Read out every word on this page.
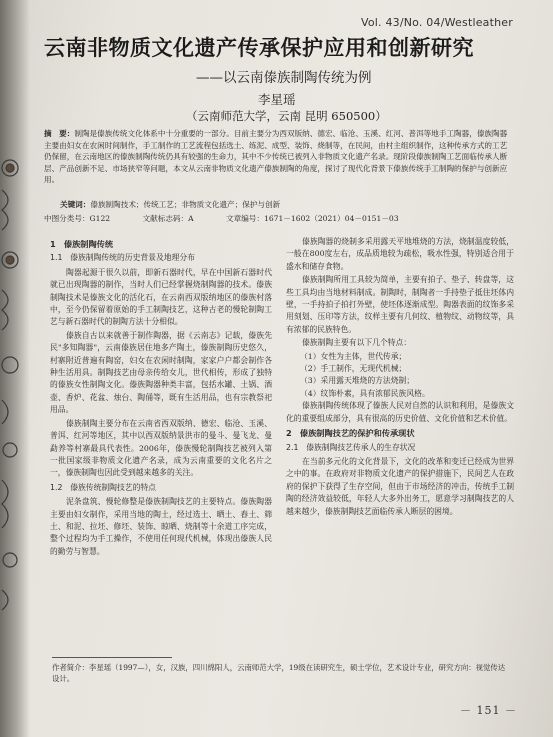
Vol. 43/No. 04/Westleather
云南非物质文化遗产传承保护应用和创新研究
——以云南傣族制陶传统为例
李星瑶
（云南师范大学，云南 昆明 650500）
摘　要：制陶是傣族传统文化体系中十分重要的一部分。目前主要分为西双版纳、德宏、临沧、玉溪、红河、普洱等地手工陶器，傣族陶器主要由妇女在农闲时间制作，手工制作的工艺流程包括选土、练泥、成型、装饰、烧制等，在民间，由村主组织制作，这种传承方式的工艺仍保留，在云南地区的傣族制陶传统仍具有较强的生命力，其中不少传统已被列入非物质文化遗产名录。现阶段傣族制陶工艺面临传承人断层、产品创新不足、市场狭窄等问题，本文从云南非物质文化遗产傣族制陶的角度，探讨了现代化背景下傣族传统手工制陶的保护与创新应用。
关键词：傣族制陶技术；传统工艺；非物质文化遗产；保护与创新
中图分类号：G122	文献标志码：A	文章编号：1671－1602（2021）04－0151－03
1　傣族制陶传统
1.1　傣族制陶传统的历史背景及地理分布

陶器起源于很久以前，即新石器时代，早在中国新石器时代就已出现陶器的制作，当时人们已经掌握烧制陶器的技术。傣族制陶技术是傣族文化的活化石，在云南西双版纳地区的傣族村落中，至今仍保留着原始的手工制陶技艺，这种古老的慢轮制陶工艺与新石器时代的制陶方法十分相似。

傣族自古以来就善于制作陶器，据《云南志》记载，傣族先民"多知陶器"，云南傣族居住地多产陶土，傣族制陶历史悠久，村寨附近普遍有陶窑，妇女在农闲时制陶，家家户户都会制作各种生活用具。制陶技艺由母亲传给女儿，世代相传，形成了独特的傣族女性制陶文化。傣族陶器种类丰富，包括水罐、土锅、酒壶、香炉、花盆、烛台、陶俑等，既有生活用品，也有宗教祭祀用品。

傣族制陶主要分布在云南省西双版纳、德宏、临沧、玉溪、普洱、红河等地区，其中以西双版纳景洪市的曼斗、曼飞龙、曼勐养等村寨最具代表性。2006年，傣族慢轮制陶技艺被列入第一批国家级非物质文化遗产名录，成为云南重要的文化名片之一，傣族制陶也因此受到越来越多的关注。

1.2　傣族传统制陶技艺的特点

泥条盘筑、慢轮修整是傣族制陶技艺的主要特点。傣族陶器主要由妇女制作，采用当地的陶土，经过选土、晒土、舂土、筛土、和泥、拉坯、修坯、装饰、晾晒、烧制等十余道工序完成，整个过程均为手工操作，不使用任何现代机械，体现出傣族人民的勤劳与智慧。

傣族陶器的烧制多采用露天平地堆烧的方法，烧制温度较低，一般在800度左右，成品质地较为疏松，吸水性强，特别适合用于盛水和储存食物。

傣族制陶所用工具较为简单，主要有拍子、垫子、转盘等，这些工具均由当地材料制成。制陶时，制陶者一手持垫子抵住坯体内壁，一手持拍子拍打外壁，使坯体逐渐成型。陶器表面的纹饰多采用刻划、压印等方法，纹样主要有几何纹、植物纹、动物纹等，具有浓郁的民族特色。

傣族制陶主要有以下几个特点：

（1）女性为主体，世代传承；

（2）手工制作，无现代机械；

（3）采用露天堆烧的方法烧制；

（4）纹饰朴素，具有浓郁民族风格。

傣族制陶传统体现了傣族人民对自然的认识和利用，是傣族文化的重要组成部分，具有很高的历史价值、文化价值和艺术价值。

2　傣族制陶技艺的保护和传承现状
2.1　傣族制陶技艺传承人的生存状况

在当前多元化的文化背景下，文化的改革和变迁已经成为世界之中的事。在政府对非物质文化遗产的保护措施下，民间艺人在政府的保护下获得了生存空间，但由于市场经济的冲击，传统手工制陶的经济效益较低，年轻人大多外出务工，愿意学习制陶技艺的人越来越少，傣族制陶技艺面临传承人断层的困境。

作者简介：李星瑶（1997—），女，汉族，四川绵阳人，云南师范大学，19级在读研究生，硕士学位，艺术设计专业，研究方向：视觉传达设计。
－ 151 －
